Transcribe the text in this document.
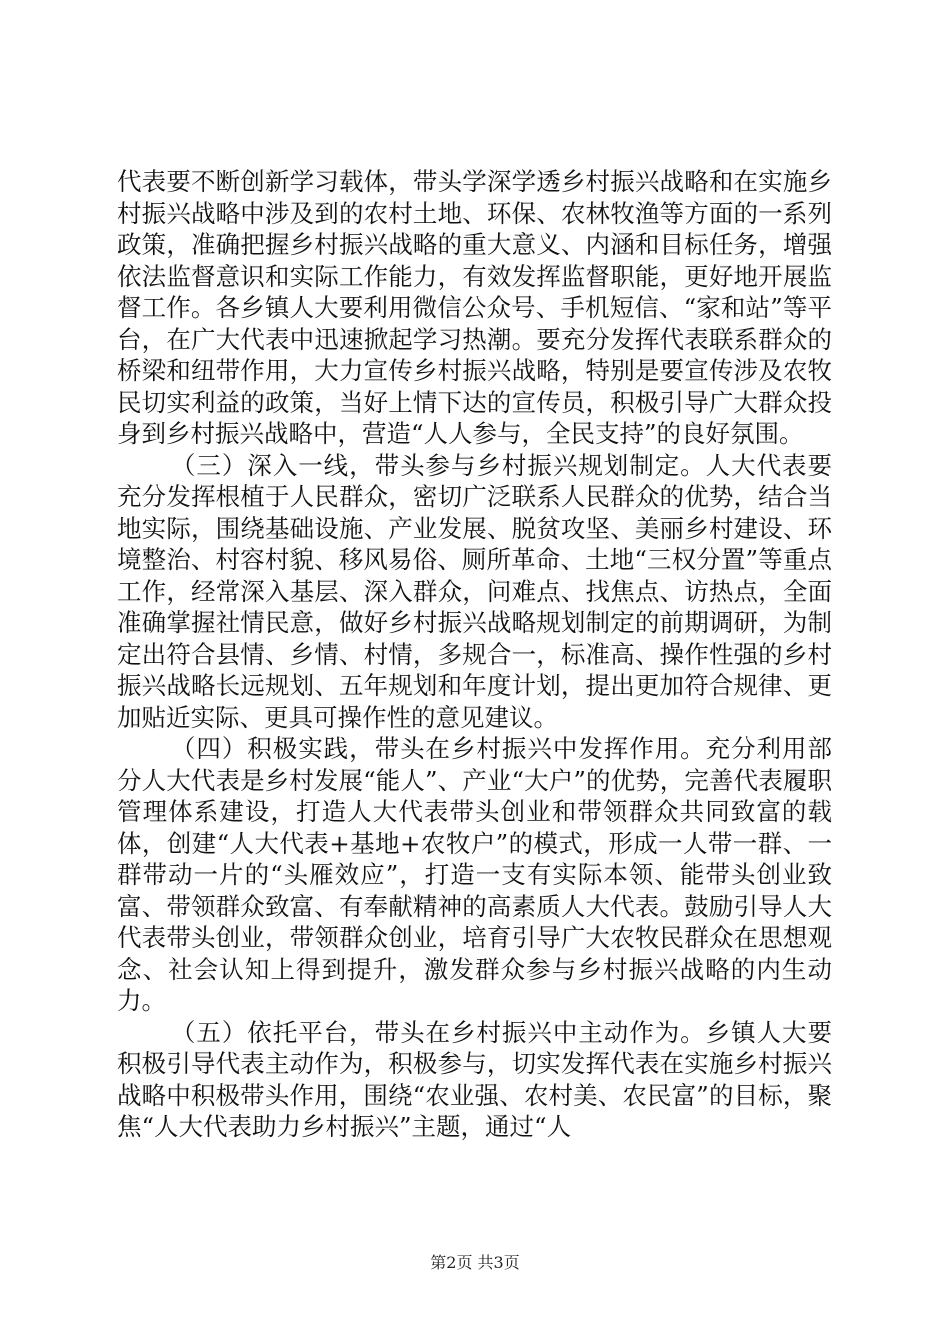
代表要不断创新学习载体，带头学深学透乡村振兴战略和在实施乡村振兴战略中涉及到的农村土地、环保、农林牧渔等方面的一系列政策，准确把握乡村振兴战略的重大意义、内涵和目标任务，增强依法监督意识和实际工作能力，有效发挥监督职能，更好地开展监督工作。各乡镇人大要利用微信公众号、手机短信、“家和站”等平台，在广大代表中迅速掀起学习热潮。要充分发挥代表联系群众的桥梁和纽带作用，大力宣传乡村振兴战略，特别是要宣传涉及农牧民切实利益的政策，当好上情下达的宣传员，积极引导广大群众投身到乡村振兴战略中，营造“人人参与，全民支持”的良好氛围。

（三）深入一线，带头参与乡村振兴规划制定。人大代表要充分发挥根植于人民群众，密切广泛联系人民群众的优势，结合当地实际，围绕基础设施、产业发展、脱贫攻坚、美丽乡村建设、环境整治、村容村貌、移风易俗、厕所革命、土地“三权分置”等重点工作，经常深入基层、深入群众，问难点、找焦点、访热点，全面准确掌握社情民意，做好乡村振兴战略规划制定的前期调研，为制定出符合县情、乡情、村情，多规合一，标准高、操作性强的乡村振兴战略长远规划、五年规划和年度计划，提出更加符合规律、更加贴近实际、更具可操作性的意见建议。

（四）积极实践，带头在乡村振兴中发挥作用。充分利用部分人大代表是乡村发展“能人”、产业“大户”的优势，完善代表履职管理体系建设，打造人大代表带头创业和带领群众共同致富的载体，创建“人大代表+基地+农牧户”的模式，形成一人带一群、一群带动一片的“头雁效应”，打造一支有实际本领、能带头创业致富、带领群众致富、有奉献精神的高素质人大代表。鼓励引导人大代表带头创业，带领群众创业，培育引导广大农牧民群众在思想观念、社会认知上得到提升，激发群众参与乡村振兴战略的内生动力。

（五）依托平台，带头在乡村振兴中主动作为。乡镇人大要积极引导代表主动作为，积极参与，切实发挥代表在实施乡村振兴战略中积极带头作用，围绕“农业强、农村美、农民富”的目标，聚焦“人大代表助力乡村振兴”主题，通过“人

第2页 共3页
